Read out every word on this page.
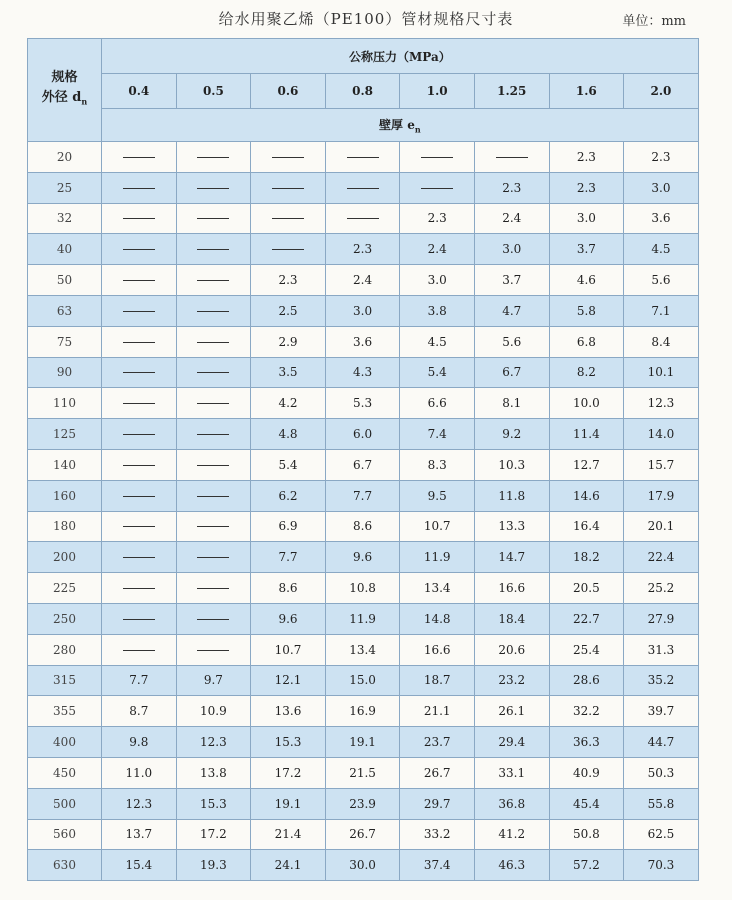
给水用聚乙烯（PE100）管材规格尺寸表	单位：mm
规格
外径 $d_n$	公称压力（MPa）							
	0.4	0.5	0.6	0.8	1.0	1.25	1.6	2.0
	壁厚 $e_n$
20							2.3	2.3
25						2.3	2.3	3.0
32					2.3	2.4	3.0	3.6
40				2.3	2.4	3.0	3.7	4.5
50			2.3	2.4	3.0	3.7	4.6	5.6
63			2.5	3.0	3.8	4.7	5.8	7.1
75			2.9	3.6	4.5	5.6	6.8	8.4
90			3.5	4.3	5.4	6.7	8.2	10.1
110			4.2	5.3	6.6	8.1	10.0	12.3
125			4.8	6.0	7.4	9.2	11.4	14.0
140			5.4	6.7	8.3	10.3	12.7	15.7
160			6.2	7.7	9.5	11.8	14.6	17.9
180			6.9	8.6	10.7	13.3	16.4	20.1
200			7.7	9.6	11.9	14.7	18.2	22.4
225			8.6	10.8	13.4	16.6	20.5	25.2
250			9.6	11.9	14.8	18.4	22.7	27.9
280			10.7	13.4	16.6	20.6	25.4	31.3
315	7.7	9.7	12.1	15.0	18.7	23.2	28.6	35.2
355	8.7	10.9	13.6	16.9	21.1	26.1	32.2	39.7
400	9.8	12.3	15.3	19.1	23.7	29.4	36.3	44.7
450	11.0	13.8	17.2	21.5	26.7	33.1	40.9	50.3
500	12.3	15.3	19.1	23.9	29.7	36.8	45.4	55.8
560	13.7	17.2	21.4	26.7	33.2	41.2	50.8	62.5
630	15.4	19.3	24.1	30.0	37.4	46.3	57.2	70.3
